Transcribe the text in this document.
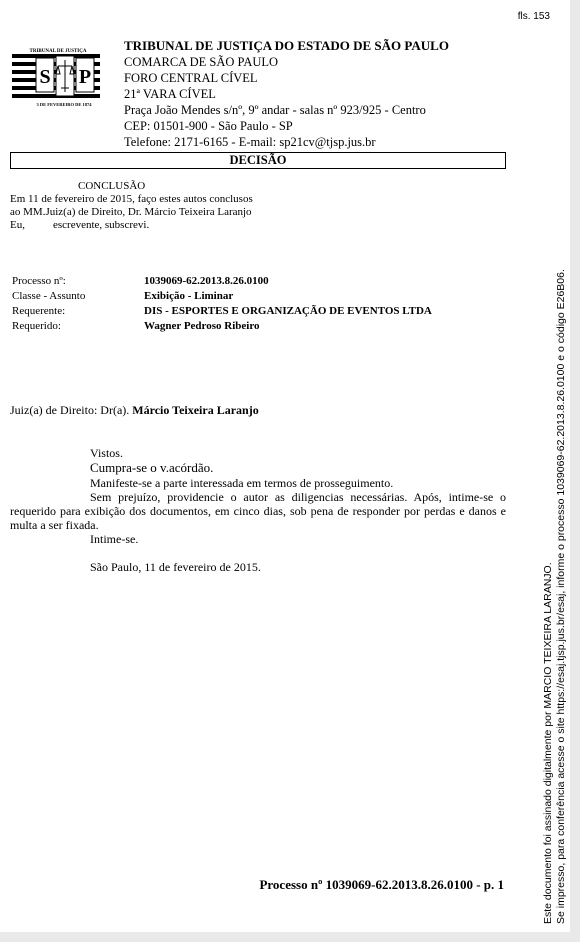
fls. 153
TRIBUNAL DE JUSTIÇA
S P
3 DE FEVEREIRO DE 1874
TRIBUNAL DE JUSTIÇA DO ESTADO DE SÃO PAULO
COMARCA DE SÃO PAULO
FORO CENTRAL CÍVEL
21ª VARA CÍVEL
Praça João Mendes s/nº, 9º andar - salas nº 923/925 - Centro
CEP: 01501-900 - São Paulo - SP
Telefone: 2171-6165 - E-mail: sp21cv@tjsp.jus.br
DECISÃO
CONCLUSÃO
Em 11 de fevereiro de 2015, faço estes autos conclusos
ao MM.Juiz(a) de Direito, Dr. Márcio Teixeira Laranjo
Eu,	escrevente, subscrevi.
Processo nº:	1039069-62.2013.8.26.0100
Classe - Assunto	Exibição - Liminar
Requerente:	DIS - ESPORTES E ORGANIZAÇÃO DE EVENTOS LTDA
Requerido:	Wagner Pedroso Ribeiro
Juiz(a) de Direito: Dr(a). Márcio Teixeira Laranjo

Vistos.

Cumpra-se o v.acórdão.

Manifeste-se a parte interessada em termos de prosseguimento.

Sem prejuízo, providencie o autor as diligencias necessárias. Após, intime-se o requerido para exibição dos documentos, em cinco dias, sob pena de responder por perdas e danos e multa a ser fixada.

Intime-se.

São Paulo, 11 de fevereiro de 2015.

Processo nº 1039069-62.2013.8.26.0100 - p. 1	Este documento foi assinado digitalmente por MARCIO TEIXEIRA LARANJO. Se impresso, para conferência acesse o site https://esaj.tjsp.jus.br/esaj, informe o processo 1039069-62.2013.8.26.0100 e o código E26B06.
